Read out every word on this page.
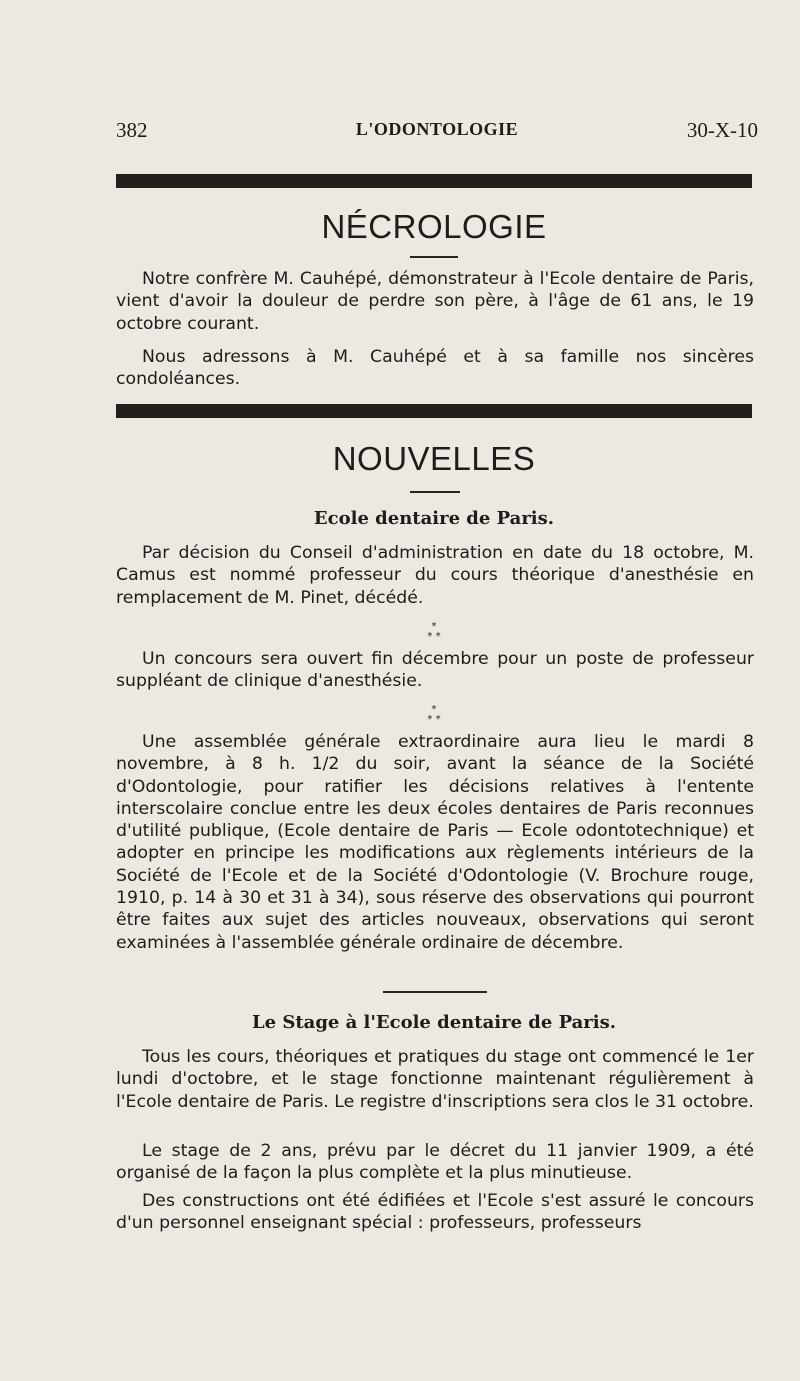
382	L'ODONTOLOGIE	30-X-10
NÉCROLOGIE
Notre confrère M. Cauhépé, démonstrateur à l'Ecole dentaire de Paris, vient d'avoir la douleur de perdre son père, à l'âge de 61 ans, le 19 octobre courant.
Nous adressons à M. Cauhépé et à sa famille nos sincères condoléances.
NOUVELLES
Ecole dentaire de Paris.
Par décision du Conseil d'administration en date du 18 octobre, M. Camus est nommé professeur du cours théorique d'anesthésie en remplacement de M. Pinet, décédé.
*
* *
Un concours sera ouvert fin décembre pour un poste de professeur suppléant de clinique d'anesthésie.
*
* *
Une assemblée générale extraordinaire aura lieu le mardi 8 novembre, à 8 h. 1/2 du soir, avant la séance de la Société d'Odontologie, pour ratifier les décisions relatives à l'entente interscolaire conclue entre les deux écoles dentaires de Paris reconnues d'utilité publique, (Ecole dentaire de Paris — Ecole odontotechnique) et adopter en principe les modifications aux règlements intérieurs de la Société de l'Ecole et de la Société d'Odontologie (V. Brochure rouge, 1910, p. 14 à 30 et 31 à 34), sous réserve des observations qui pourront être faites aux sujet des articles nouveaux, observations qui seront examinées à l'assemblée générale ordinaire de décembre.
Le Stage à l'Ecole dentaire de Paris.
Tous les cours, théoriques et pratiques du stage ont commencé le 1er lundi d'octobre, et le stage fonctionne maintenant régulièrement à l'Ecole dentaire de Paris. Le registre d'inscriptions sera clos le 31 octobre.
Le stage de 2 ans, prévu par le décret du 11 janvier 1909, a été organisé de la façon la plus complète et la plus minutieuse.
Des constructions ont été édifiées et l'Ecole s'est assuré le concours d'un personnel enseignant spécial : professeurs, professeurs
